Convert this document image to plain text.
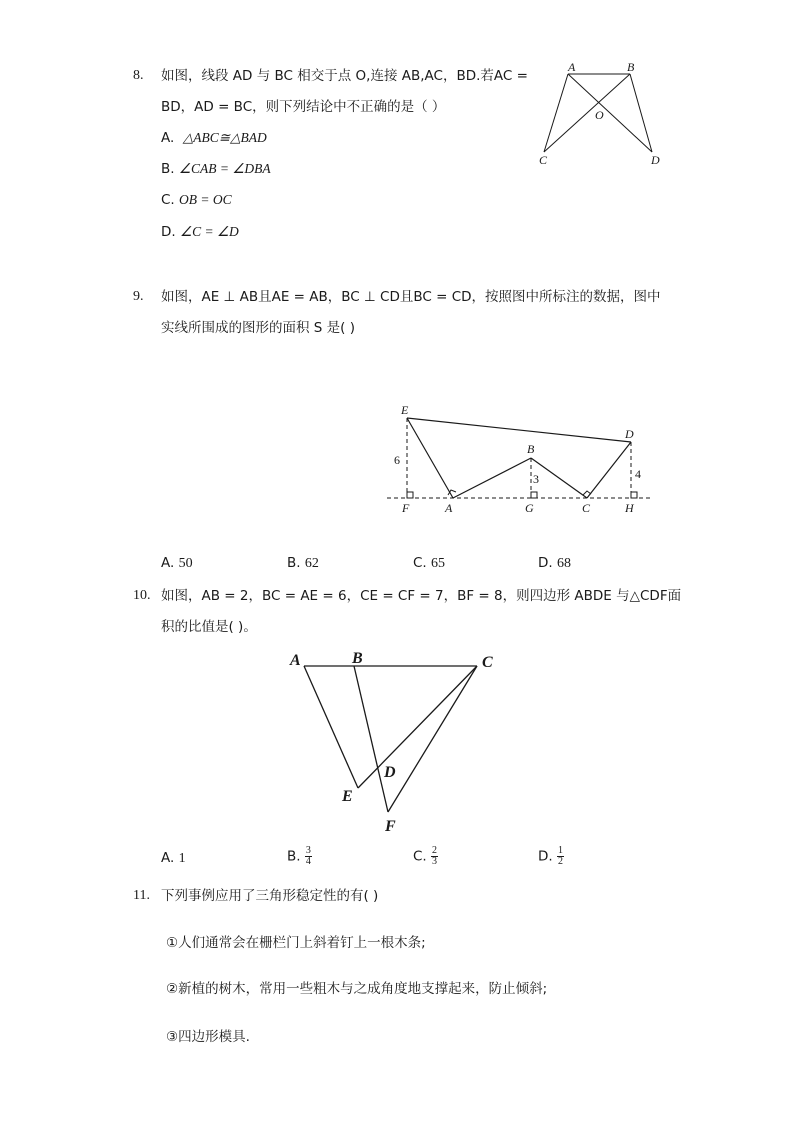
8. 如图，线段 AD 与 BC 相交于点 O,连接 AB,AC，BD.若AC =
BD，AD = BC，则下列结论中不正确的是（ ）
A. △ABC≅△BAD
B. ∠CAB = ∠DBA
C. OB = OC
D. ∠C = ∠D
A	B
O
C	D
9. 如图，AE ⊥ AB且AE = AB，BC ⊥ CD且BC = CD，按照图中所标注的数据，图中
实线所围成的图形的面积 S 是( )
E
D
B
F	A	G	C	H
6
3	4
A. 50	B. 62	C. 65	D. 68
10. 如图，AB = 2，BC = AE = 6，CE = CF = 7，BF = 8，则四边形 ABDE 与△CDF面
积的比值是( )。
A	B	C
D
E
F
A. 1	B. $\frac{3}{4}$	C. $\frac{2}{3}$	D. $\frac{1}{2}$
11. 下列事例应用了三角形稳定性的有( )
①人们通常会在栅栏门上斜着钉上一根木条;
②新植的树木，常用一些粗木与之成角度地支撑起来，防止倾斜;
③四边形模具.
